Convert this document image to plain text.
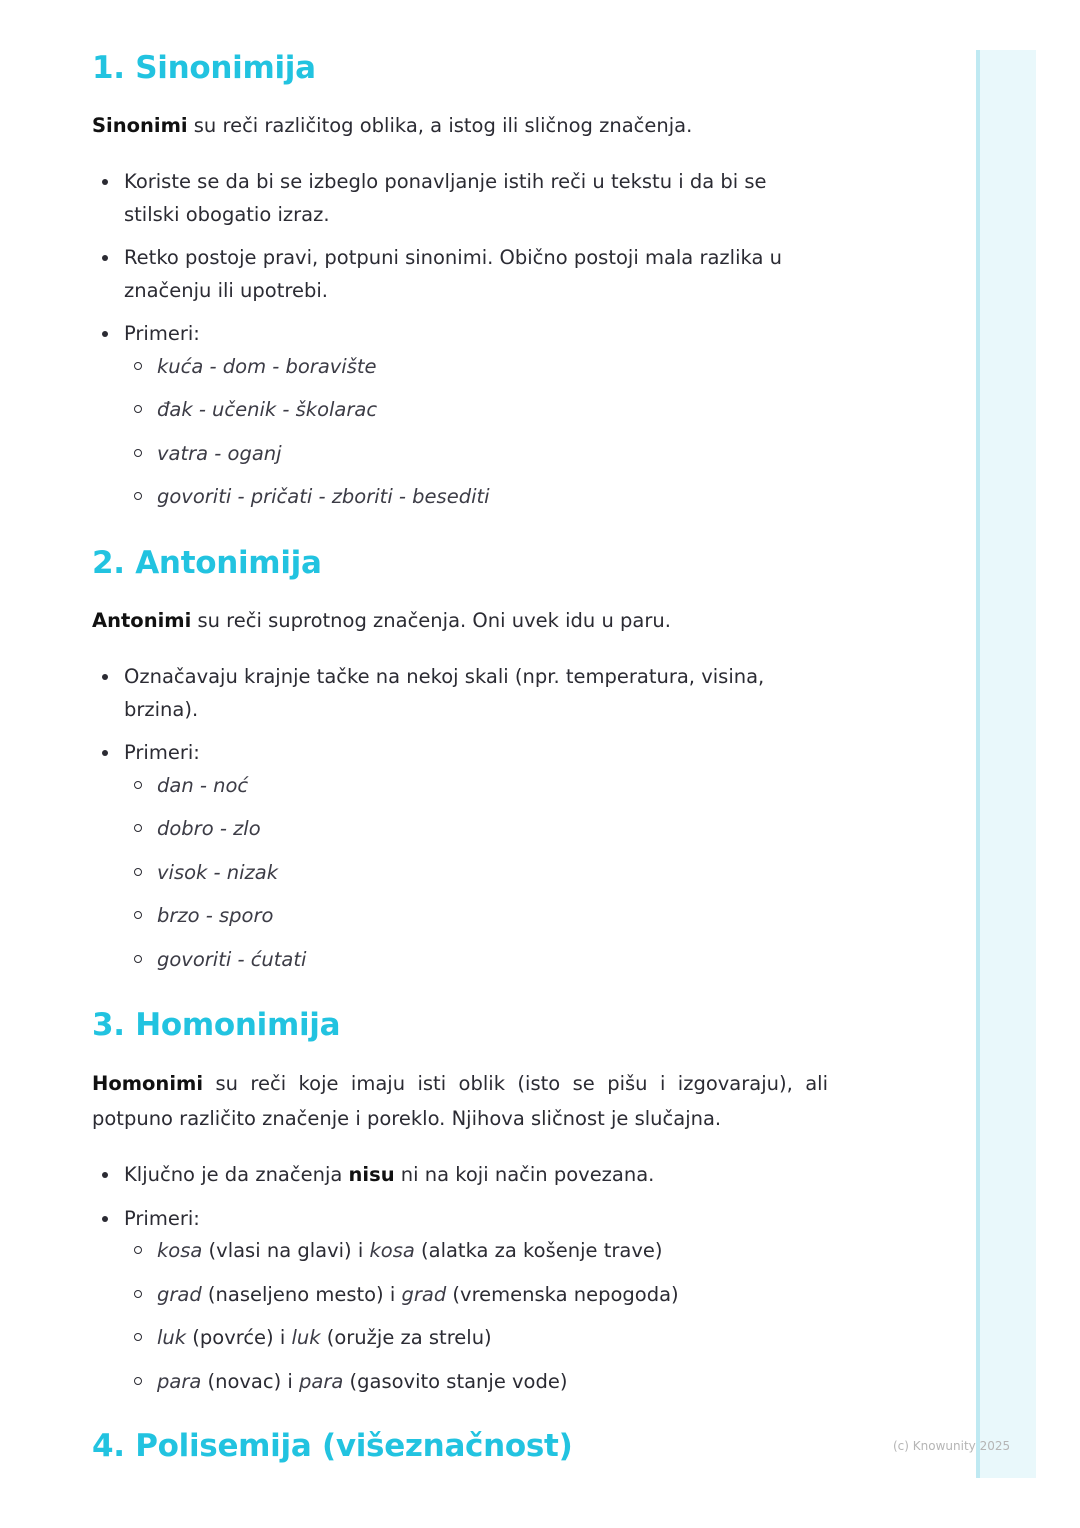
(c) Knowunity 2025
1. Sinonimija

Sinonimi su reči različitog oblika, a istog ili sličnog značenja.

Koriste se da bi se izbeglo ponavljanje istih reči u tekstu i da bi se stilski obogatio izraz.

Retko postoje pravi, potpuni sinonimi. Obično postoji mala razlika u značenju ili upotrebi.

Primeri:

kuća - dom - boravište

đak - učenik - školarac

vatra - oganj

govoriti - pričati - zboriti - besediti

2. Antonimija

Antonimi su reči suprotnog značenja. Oni uvek idu u paru.

Označavaju krajnje tačke na nekoj skali (npr. temperatura, visina, brzina).

Primeri:

dan - noć

dobro - zlo

visok - nizak

brzo - sporo

govoriti - ćutati

3. Homonimija

Homonimi su reči koje imaju isti oblik (isto se pišu i izgovaraju), ali potpuno različito značenje i poreklo. Njihova sličnost je slučajna.

Ključno je da značenja nisu ni na koji način povezana.

Primeri:

kosa (vlasi na glavi) i kosa (alatka za košenje trave)

grad (naseljeno mesto) i grad (vremenska nepogoda)

luk (povrće) i luk (oružje za strelu)

para (novac) i para (gasovito stanje vode)

4. Polisemija (višeznačnost)
